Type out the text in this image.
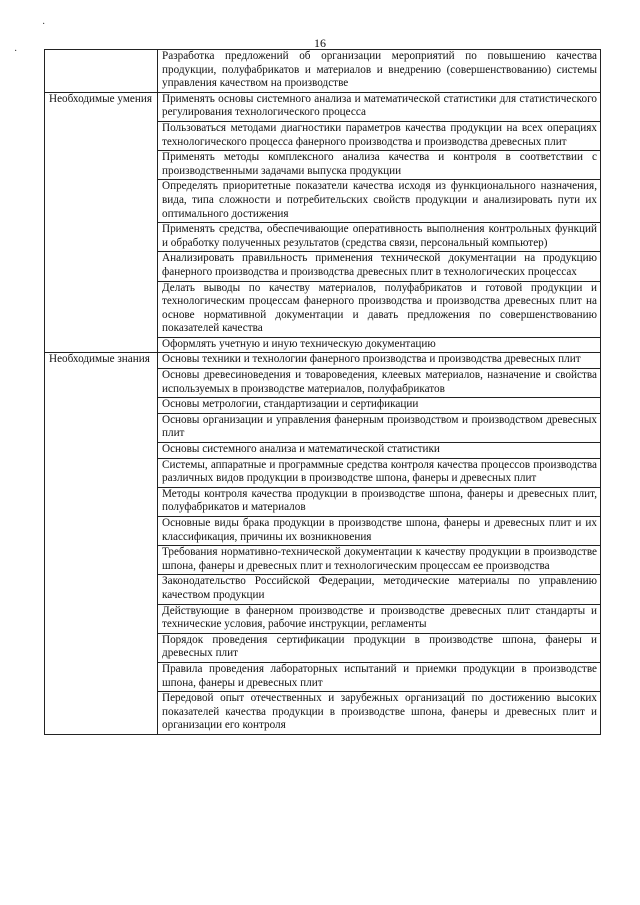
16
·
·
		Разработка предложений об организации мероприятий по повышению качества продукции, полуфабрикатов и материалов и внедрению (совершенствованию) системы управления качеством на производстве
Необходимые умения	Применять основы системного анализа и математической статистики для статистического регулирования технологического процесса
	Пользоваться методами диагностики параметров качества продукции на всех операциях технологического процесса фанерного производства и производства древесных плит
	Применять методы комплексного анализа качества и контроля в соответствии с производственными задачами выпуска продукции
	Определять приоритетные показатели качества исходя из функционального назначения, вида, типа сложности и потребительских свойств продукции и анализировать пути их оптимального достижения
	Применять средства, обеспечивающие оперативность выполнения контрольных функций и обработку полученных результатов (средства связи, персональный компьютер)
	Анализировать правильность применения технической документации на продукцию фанерного производства и производства древесных плит в технологических процессах
	Делать выводы по качеству материалов, полуфабрикатов и готовой продукции и технологическим процессам фанерного производства и производства древесных плит на основе нормативной документации и давать предложения по совершенствованию показателей качества
	Оформлять учетную и иную техническую документацию
Необходимые знания	Основы техники и технологии фанерного производства и производства древесных плит
	Основы древесиноведения и товароведения, клеевых материалов, назначение и свойства используемых в производстве материалов, полуфабрикатов
	Основы метрологии, стандартизации и сертификации
	Основы организации и управления фанерным производством и производством древесных плит
	Основы системного анализа и математической статистики
	Системы, аппаратные и программные средства контроля качества процессов производства различных видов продукции в производстве шпона, фанеры и древесных плит
	Методы контроля качества продукции в производстве шпона, фанеры и древесных плит, полуфабрикатов и материалов
	Основные виды брака продукции в производстве шпона, фанеры и древесных плит и их классификация, причины их возникновения
	Требования нормативно-технической документации к качеству продукции в производстве шпона, фанеры и древесных плит и технологическим процессам ее производства
	Законодательство Российской Федерации, методические материалы по управлению качеством продукции
	Действующие в фанерном производстве и производстве древесных плит стандарты и технические условия, рабочие инструкции, регламенты
	Порядок проведения сертификации продукции в производстве шпона, фанеры и древесных плит
	Правила проведения лабораторных испытаний и приемки продукции в производстве шпона, фанеры и древесных плит
	Передовой опыт отечественных и зарубежных организаций по достижению высоких показателей качества продукции в производстве шпона, фанеры и древесных плит и организации его контроля
